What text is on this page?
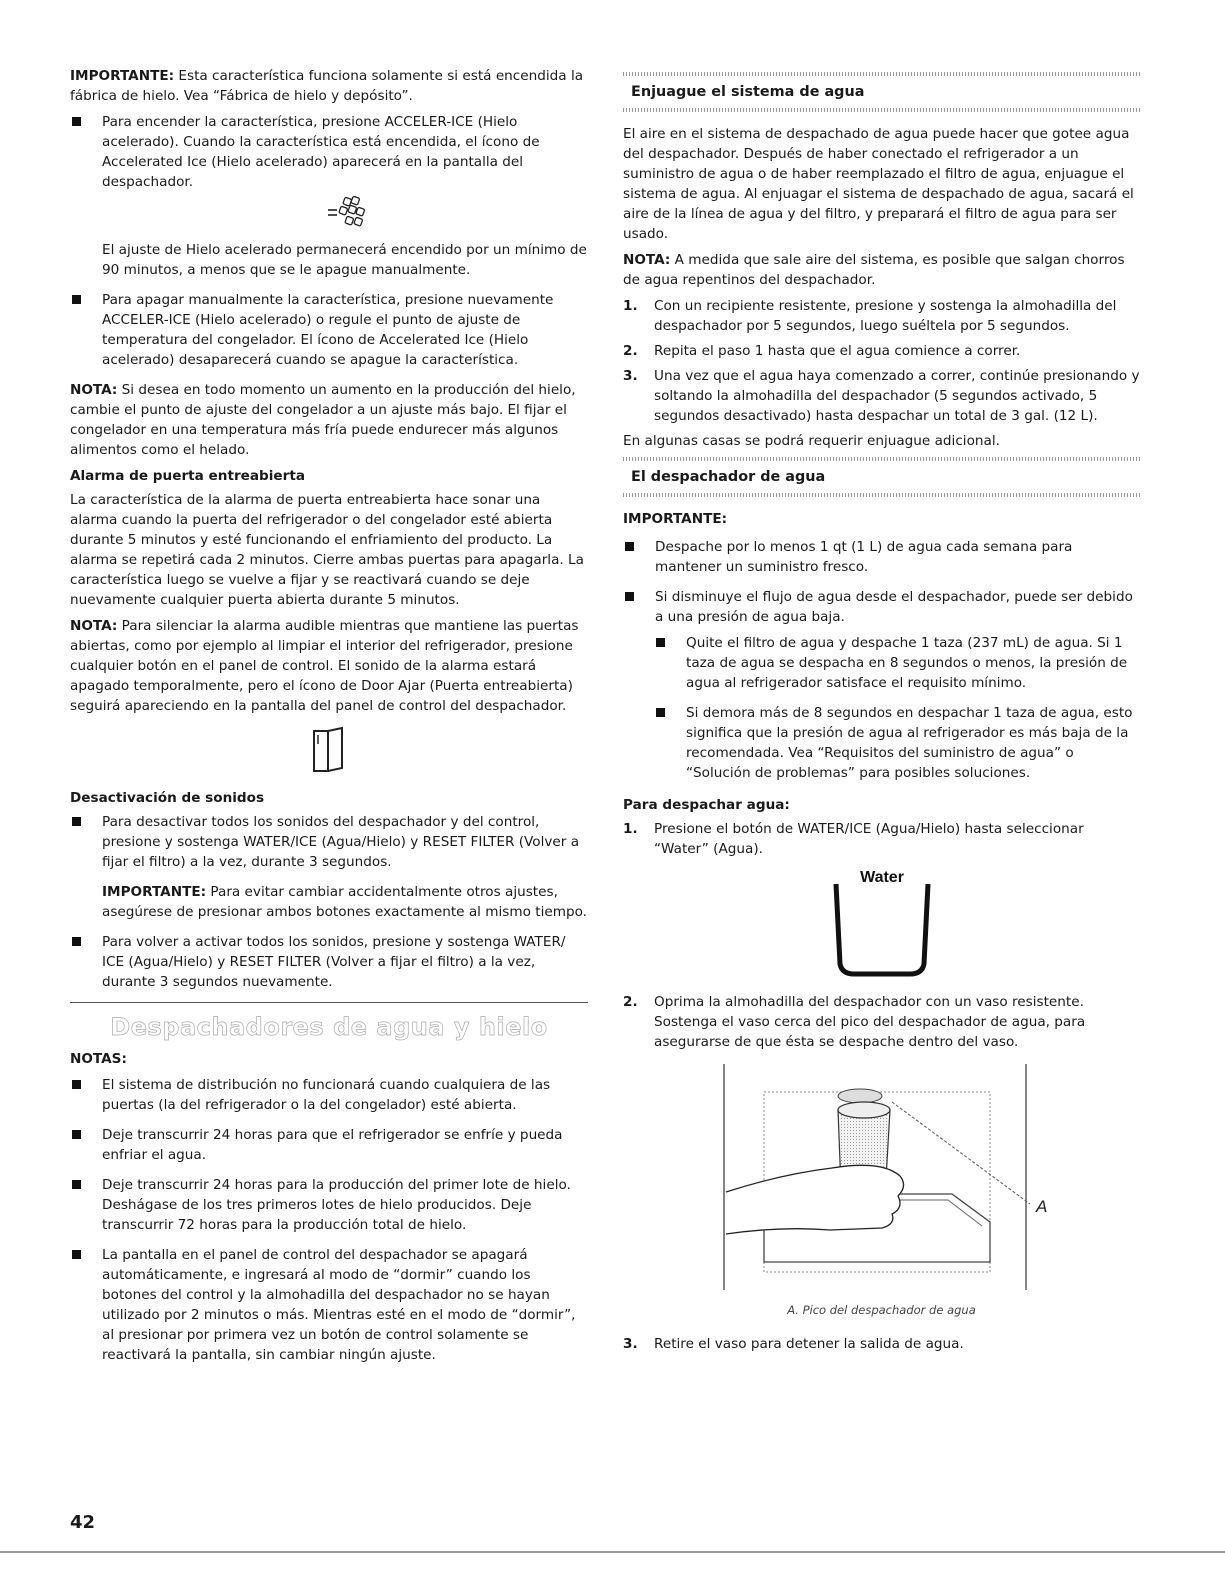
IMPORTANTE: Esta característica funciona solamente si está encendida la fábrica de hielo. Vea “Fábrica de hielo y depósito”.

Para encender la característica, presione ACCELER-ICE (Hielo acelerado). Cuando la característica está encendida, el ícono de Accelerated Ice (Hielo acelerado) aparecerá en la pantalla del despachador.

El ajuste de Hielo acelerado permanecerá encendido por un mínimo de 90 minutos, a menos que se le apague manualmente.

Para apagar manualmente la característica, presione nuevamente ACCELER-ICE (Hielo acelerado) o regule el punto de ajuste de temperatura del congelador. El ícono de Accelerated Ice (Hielo acelerado) desaparecerá cuando se apague la característica.

NOTA: Si desea en todo momento un aumento en la producción del hielo, cambie el punto de ajuste del congelador a un ajuste más bajo. El fijar el congelador en una temperatura más fría puede endurecer más algunos alimentos como el helado.

Alarma de puerta entreabierta

La característica de la alarma de puerta entreabierta hace sonar una alarma cuando la puerta del refrigerador o del congelador esté abierta durante 5 minutos y esté funcionando el enfriamiento del producto. La alarma se repetirá cada 2 minutos. Cierre ambas puertas para apagarla. La característica luego se vuelve a fijar y se reactivará cuando se deje nuevamente cualquier puerta abierta durante 5 minutos.

NOTA: Para silenciar la alarma audible mientras que mantiene las puertas abiertas, como por ejemplo al limpiar el interior del refrigerador, presione cualquier botón en el panel de control. El sonido de la alarma estará apagado temporalmente, pero el ícono de Door Ajar (Puerta entreabierta) seguirá apareciendo en la pantalla del panel de control del despachador.

Desactivación de sonidos

Para desactivar todos los sonidos del despachador y del control, presione y sostenga WATER/ICE (Agua/Hielo) y RESET FILTER (Volver a fijar el filtro) a la vez, durante 3 segundos.

IMPORTANTE: Para evitar cambiar accidentalmente otros ajustes, asegúrese de presionar ambos botones exactamente al mismo tiempo.

Para volver a activar todos los sonidos, presione y sostenga WATER/ ICE (Agua/Hielo) y RESET FILTER (Volver a fijar el filtro) a la vez, durante 3 segundos nuevamente.

Despachadores de agua y hielo

NOTAS:

El sistema de distribución no funcionará cuando cualquiera de las puertas (la del refrigerador o la del congelador) esté abierta.

Deje transcurrir 24 horas para que el refrigerador se enfríe y pueda enfriar el agua.

Deje transcurrir 24 horas para la producción del primer lote de hielo. Deshágase de los tres primeros lotes de hielo producidos. Deje transcurrir 72 horas para la producción total de hielo.

La pantalla en el panel de control del despachador se apagará automáticamente, e ingresará al modo de “dormir” cuando los botones del control y la almohadilla del despachador no se hayan utilizado por 2 minutos o más. Mientras esté en el modo de “dormir”, al presionar por primera vez un botón de control solamente se reactivará la pantalla, sin cambiar ningún ajuste.

Enjuague el sistema de agua

El aire en el sistema de despachado de agua puede hacer que gotee agua del despachador. Después de haber conectado el refrigerador a un suministro de agua o de haber reemplazado el filtro de agua, enjuague el sistema de agua. Al enjuagar el sistema de despachado de agua, sacará el aire de la línea de agua y del filtro, y preparará el filtro de agua para ser usado.

NOTA: A medida que sale aire del sistema, es posible que salgan chorros de agua repentinos del despachador.

1. Con un recipiente resistente, presione y sostenga la almohadilla del despachador por 5 segundos, luego suéltela por 5 segundos.

2. Repita el paso 1 hasta que el agua comience a correr.

3. Una vez que el agua haya comenzado a correr, continúe presionando y soltando la almohadilla del despachador (5 segundos activado, 5 segundos desactivado) hasta despachar un total de 3 gal. (12 L).

En algunas casas se podrá requerir enjuague adicional.

El despachador de agua

IMPORTANTE:

Despache por lo menos 1 qt (1 L) de agua cada semana para mantener un suministro fresco.

Si disminuye el flujo de agua desde el despachador, puede ser debido a una presión de agua baja.

Quite el filtro de agua y despache 1 taza (237 mL) de agua. Si 1 taza de agua se despacha en 8 segundos o menos, la presión de agua al refrigerador satisface el requisito mínimo.

Si demora más de 8 segundos en despachar 1 taza de agua, esto significa que la presión de agua al refrigerador es más baja de la recomendada. Vea “Requisitos del suministro de agua” o “Solución de problemas” para posibles soluciones.

Para despachar agua:

1. Presione el botón de WATER/ICE (Agua/Hielo) hasta seleccionar “Water” (Agua).

Water
2. Oprima la almohadilla del despachador con un vaso resistente. Sostenga el vaso cerca del pico del despachador de agua, para asegurarse de que ésta se despache dentro del vaso.

A

A. Pico del despachador de agua

3. Retire el vaso para detener la salida de agua.

42
